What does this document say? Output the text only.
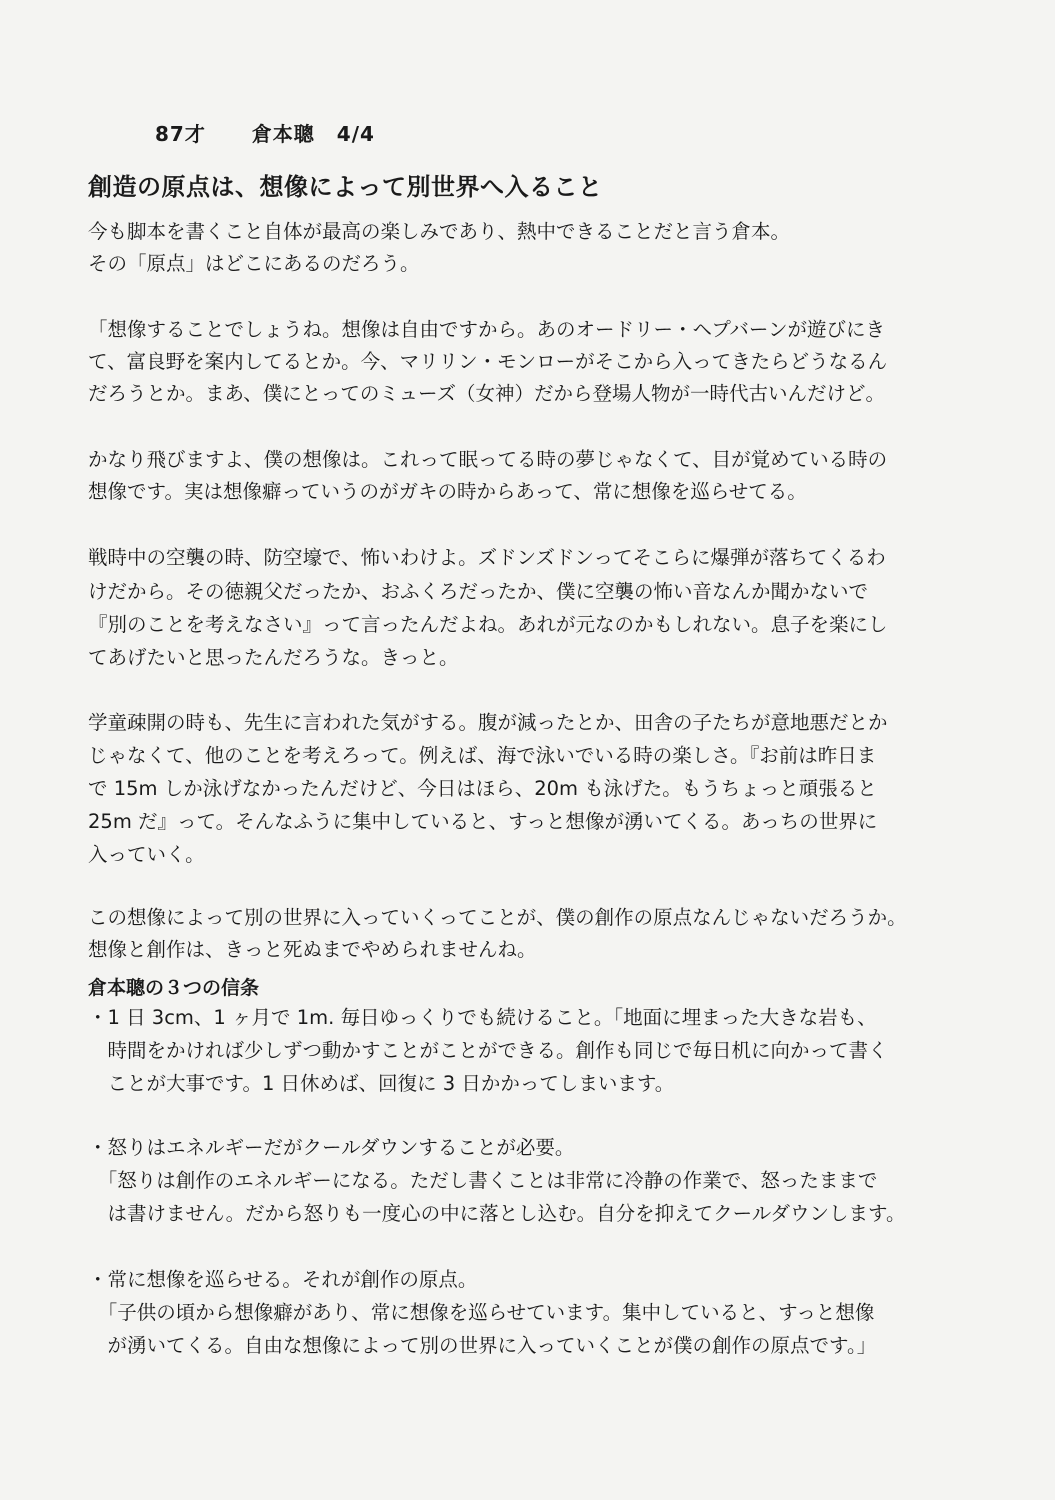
87才 倉本聰 4/4
創造の原点は、想像によって別世界へ入ること
今も脚本を書くこと自体が最高の楽しみであり、熱中できることだと言う倉本。
その「原点」はどこにあるのだろう。
「想像することでしょうね。想像は自由ですから。あのオードリー・ヘプバーンが遊びにき
て、富良野を案内してるとか。今、マリリン・モンローがそこから入ってきたらどうなるん
だろうとか。まあ、僕にとってのミューズ（女神）だから登場人物が一時代古いんだけど。
かなり飛びますよ、僕の想像は。これって眠ってる時の夢じゃなくて、目が覚めている時の
想像です。実は想像癖っていうのがガキの時からあって、常に想像を巡らせてる。
戦時中の空襲の時、防空壕で、怖いわけよ。ズドンズドンってそこらに爆弾が落ちてくるわ
けだから。その徳親父だったか、おふくろだったか、僕に空襲の怖い音なんか聞かないで
『別のことを考えなさい』って言ったんだよね。あれが元なのかもしれない。息子を楽にし
てあげたいと思ったんだろうな。きっと。
学童疎開の時も、先生に言われた気がする。腹が減ったとか、田舎の子たちが意地悪だとか
じゃなくて、他のことを考えろって。例えば、海で泳いでいる時の楽しさ。『お前は昨日ま
で 15m しか泳げなかったんだけど、今日はほら、20m も泳げた。もうちょっと頑張ると
25m だ』って。そんなふうに集中していると、すっと想像が湧いてくる。あっちの世界に
入っていく。
この想像によって別の世界に入っていくってことが、僕の創作の原点なんじゃないだろうか。
想像と創作は、きっと死ぬまでやめられませんね。
倉本聰の３つの信条
・1 日 3cm、1 ヶ月で 1m. 毎日ゆっくりでも続けること。「地面に埋まった大きな岩も、
　時間をかければ少しずつ動かすことがことができる。創作も同じで毎日机に向かって書く
　ことが大事です。1 日休めば、回復に 3 日かかってしまいます。
・怒りはエネルギーだがクールダウンすることが必要。
　「怒りは創作のエネルギーになる。ただし書くことは非常に冷静の作業で、怒ったままで
　は書けません。だから怒りも一度心の中に落とし込む。自分を抑えてクールダウンします。
・常に想像を巡らせる。それが創作の原点。
　「子供の頃から想像癖があり、常に想像を巡らせています。集中していると、すっと想像
　が湧いてくる。自由な想像によって別の世界に入っていくことが僕の創作の原点です。」
